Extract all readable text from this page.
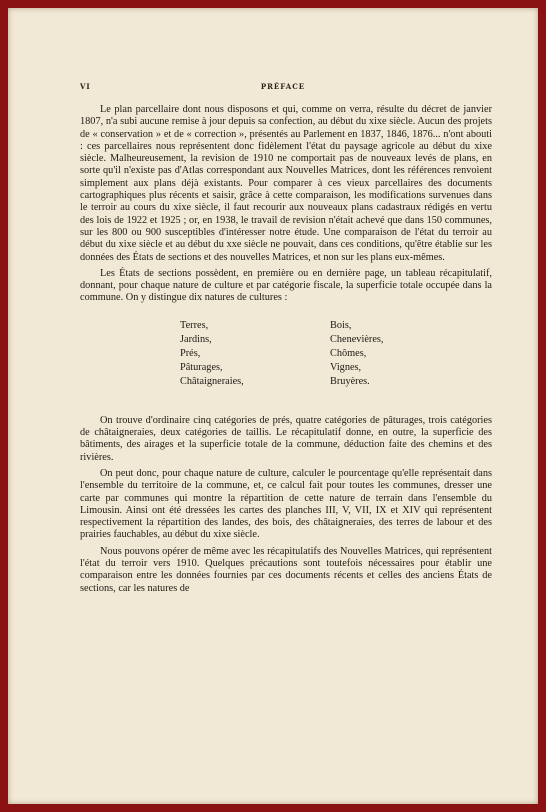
VI	PRÉFACE

Le plan parcellaire dont nous disposons et qui, comme on verra, résulte du décret de janvier 1807, n'a subi aucune remise à jour depuis sa confection, au début du xixe siècle. Aucun des projets de « conservation » et de « correction », présentés au Parlement en 1837, 1846, 1876... n'ont abouti : ces parcellaires nous représentent donc fidèlement l'état du paysage agricole au début du xixe siècle. Malheureusement, la revision de 1910 ne comportait pas de nouveaux levés de plans, en sorte qu'il n'existe pas d'Atlas correspondant aux Nouvelles Matrices, dont les références renvoient simplement aux plans déjà existants. Pour comparer à ces vieux parcellaires des documents cartographiques plus récents et saisir, grâce à cette comparaison, les modifications survenues dans le terroir au cours du xixe siècle, il faut recourir aux nouveaux plans cadastraux rédigés en vertu des lois de 1922 et 1925 ; or, en 1938, le travail de revision n'était achevé que dans 150 communes, sur les 800 ou 900 susceptibles d'intéresser notre étude. Une comparaison de l'état du terroir au début du xixe siècle et au début du xxe siècle ne pouvait, dans ces conditions, qu'être établie sur les données des États de sections et des nouvelles Matrices, et non sur les plans eux-mêmes.

Les États de sections possèdent, en première ou en dernière page, un tableau récapitulatif, donnant, pour chaque nature de culture et par catégorie fiscale, la superficie totale occupée dans la commune. On y distingue dix natures de cultures :

Terres,	Bois,
Jardins,	Chenevières,
Prés,	Chômes,
Pâturages,	Vignes,
Châtaigneraies,	Bruyères.

On trouve d'ordinaire cinq catégories de prés, quatre catégories de pâturages, trois catégories de châtaigneraies, deux catégories de taillis. Le récapitulatif donne, en outre, la superficie des bâtiments, des airages et la superficie totale de la commune, déduction faite des chemins et des rivières.

On peut donc, pour chaque nature de culture, calculer le pourcentage qu'elle représentait dans l'ensemble du territoire de la commune, et, ce calcul fait pour toutes les communes, dresser une carte par communes qui montre la répartition de cette nature de terrain dans l'ensemble du Limousin. Ainsi ont été dressées les cartes des planches III, V, VII, IX et XIV qui représentent respectivement la répartition des landes, des bois, des châtaigneraies, des terres de labour et des prairies fauchables, au début du xixe siècle.

Nous pouvons opérer de même avec les récapitulatifs des Nouvelles Matrices, qui représentent l'état du terroir vers 1910. Quelques précautions sont toutefois nécessaires pour établir une comparaison entre les données fournies par ces documents récents et celles des anciens États de sections, car les natures de
